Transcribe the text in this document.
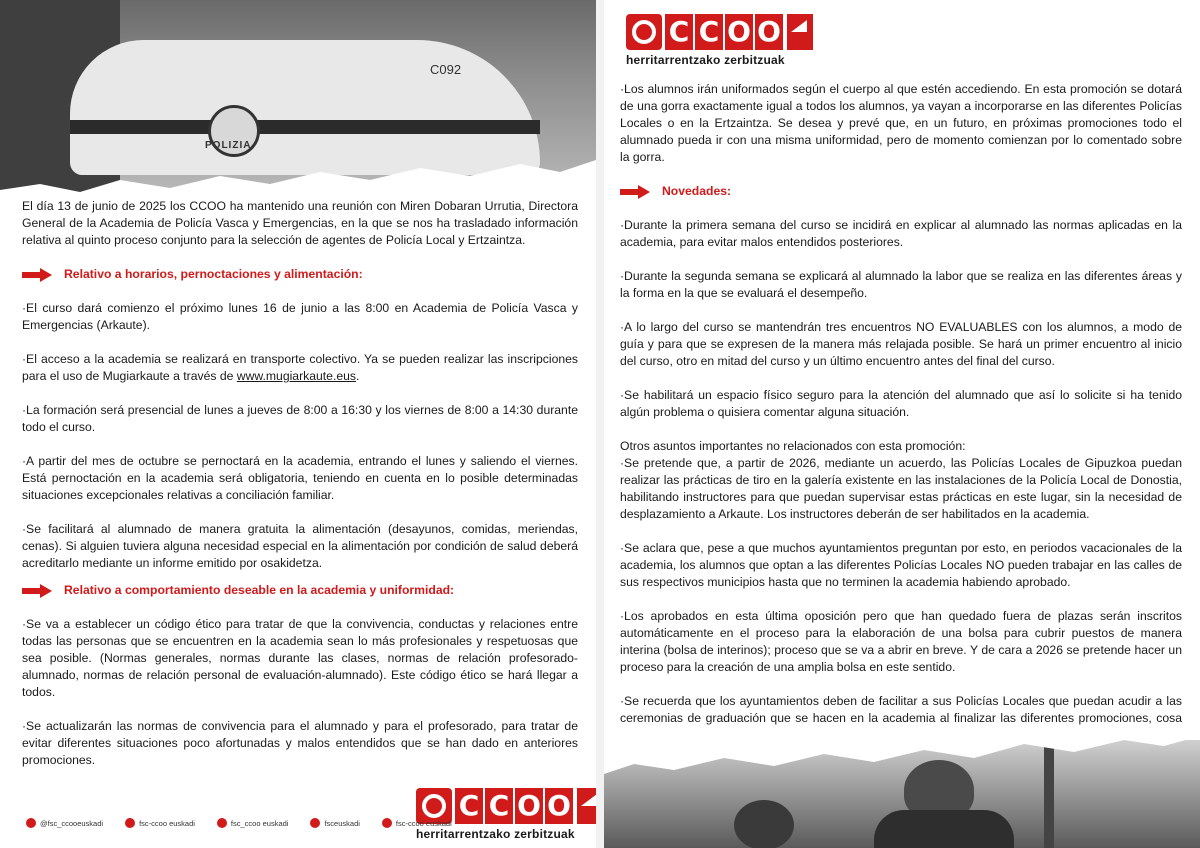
POLIZIA
C092

El día 13 de junio de 2025 los CCOO ha mantenido una reunión con Miren Dobaran Urrutia, Directora General de la Academia de Policía Vasca y Emergencias, en la que se nos ha trasladado información relativa al quinto proceso conjunto para la selección de agentes de Policía Local y Ertzaintza.

Relativo a horarios, pernoctaciones y alimentación:

·El curso dará comienzo el próximo lunes 16 de junio a las 8:00 en Academia de Policía Vasca y Emergencias (Arkaute).

·El acceso a la academia se realizará en transporte colectivo. Ya se pueden realizar las inscripciones para el uso de Mugiarkaute a través de www.mugiarkaute.eus.

·La formación será presencial de lunes a jueves de 8:00 a 16:30 y los viernes de 8:00 a 14:30 durante todo el curso.

·A partir del mes de octubre se pernoctará en la academia, entrando el lunes y saliendo el viernes. Está pernoctación en la academia será obligatoria, teniendo en cuenta en lo posible determinadas situaciones excepcionales relativas a conciliación familiar.

·Se facilitará al alumnado de manera gratuita la alimentación (desayunos, comidas, meriendas, cenas). Si alguien tuviera alguna necesidad especial en la alimentación por condición de salud deberá acreditarlo mediante un informe emitido por osakidetza.

Relativo a comportamiento deseable en la academia y uniformidad:

·Se va a establecer un código ético para tratar de que la convivencia, conductas y relaciones entre todas las personas que se encuentren en la academia sean lo más profesionales y respetuosas que sea posible. (Normas generales, normas durante las clases, normas de relación profesorado-alumnado, normas de relación personal de evaluación-alumnado). Este código ético se hará llegar a todos.

·Se actualizarán las normas de convivencia para el alumnado y para el profesorado, para tratar de evitar diferentes situaciones poco afortunadas y malos entendidos que se han dado en anteriores promociones.

C C O O
herritarrentzako zerbitzuak
@fsc_ccooeuskadi	fsc-ccoo euskadi	fsc_ccoo euskadi	fsceuskadi	fsc-ccoo euskadi
C C O O
herritarrentzako zerbitzuak

·Los alumnos irán uniformados según el cuerpo al que estén accediendo. En esta promoción se dotará de una gorra exactamente igual a todos los alumnos, ya vayan a incorporarse en las diferentes Policías Locales o en la Ertzaintza. Se desea y prevé que, en un futuro, en próximas promociones todo el alumnado pueda ir con una misma uniformidad, pero de momento comienzan por lo comentado sobre la gorra.

Novedades:

·Durante la primera semana del curso se incidirá en explicar al alumnado las normas aplicadas en la academia, para evitar malos entendidos posteriores.

·Durante la segunda semana se explicará al alumnado la labor que se realiza en las diferentes áreas y la forma en la que se evaluará el desempeño.

·A lo largo del curso se mantendrán tres encuentros NO EVALUABLES con los alumnos, a modo de guía y para que se expresen de la manera más relajada posible. Se hará un primer encuentro al inicio del curso, otro en mitad del curso y un último encuentro antes del final del curso.

·Se habilitará un espacio físico seguro para la atención del alumnado que así lo solicite si ha tenido algún problema o quisiera comentar alguna situación.

Otros asuntos importantes no relacionados con esta promoción:

·Se pretende que, a partir de 2026, mediante un acuerdo, las Policías Locales de Gipuzkoa puedan realizar las prácticas de tiro en la galería existente en las instalaciones de la Policía Local de Donostia, habilitando instructores para que puedan supervisar estas prácticas en este lugar, sin la necesidad de desplazamiento a Arkaute. Los instructores deberán de ser habilitados en la academia.

·Se aclara que, pese a que muchos ayuntamientos preguntan por esto, en periodos vacacionales de la academia, los alumnos que optan a las diferentes Policías Locales NO pueden trabajar en las calles de sus respectivos municipios hasta que no terminen la academia habiendo aprobado.

·Los aprobados en esta última oposición pero que han quedado fuera de plazas serán inscritos automáticamente en el proceso para la elaboración de una bolsa para cubrir puestos de manera interina (bolsa de interinos); proceso que se va a abrir en breve. Y de cara a 2026 se pretende hacer un proceso para la creación de una amplia bolsa en este sentido.

·Se recuerda que los ayuntamientos deben de facilitar a sus Policías Locales que puedan acudir a las ceremonias de graduación que se hacen en la academia al finalizar las diferentes promociones, cosa
